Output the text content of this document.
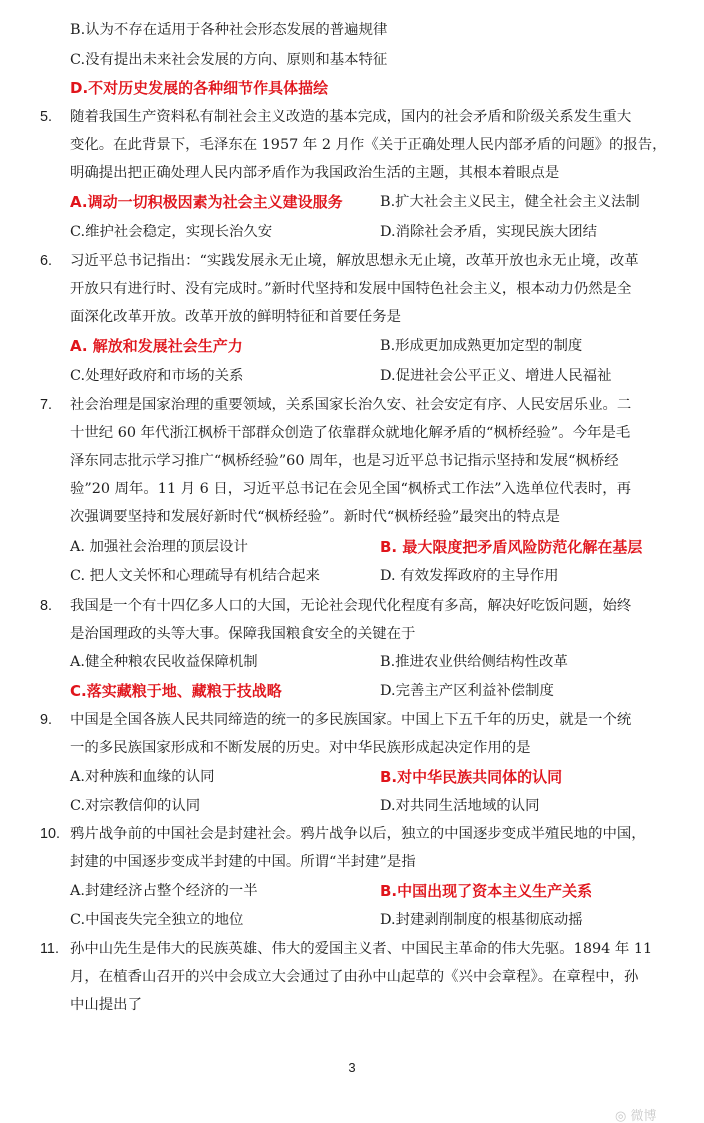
B.认为不存在适用于各种社会形态发展的普遍规律
C.没有提出未来社会发展的方向、原则和基本特征
D.不对历史发展的各种细节作具体描绘
5. 随着我国生产资料私有制社会主义改造的基本完成，国内的社会矛盾和阶级关系发生重大
变化。在此背景下，毛泽东在 1957 年 2 月作《关于正确处理人民内部矛盾的问题》的报告，
明确提出把正确处理人民内部矛盾作为我国政治生活的主题，其根本着眼点是
A.调动一切积极因素为社会主义建设服务	B.扩大社会主义民主，健全社会主义法制
C.维护社会稳定，实现长治久安	D.消除社会矛盾，实现民族大团结
6. 习近平总书记指出：“实践发展永无止境，解放思想永无止境，改革开放也永无止境，改革
开放只有进行时、没有完成时。”新时代坚持和发展中国特色社会主义，根本动力仍然是全
面深化改革开放。改革开放的鲜明特征和首要任务是
A. 解放和发展社会生产力	B.形成更加成熟更加定型的制度
C.处理好政府和市场的关系	D.促进社会公平正义、增进人民福祉
7. 社会治理是国家治理的重要领域，关系国家长治久安、社会安定有序、人民安居乐业。二
十世纪 60 年代浙江枫桥干部群众创造了依靠群众就地化解矛盾的“枫桥经验”。今年是毛
泽东同志批示学习推广“枫桥经验”60 周年，也是习近平总书记指示坚持和发展“枫桥经
验”20 周年。11 月 6 日，习近平总书记在会见全国“枫桥式工作法”入选单位代表时，再
次强调要坚持和发展好新时代“枫桥经验”。新时代“枫桥经验”最突出的特点是
A. 加强社会治理的顶层设计	B. 最大限度把矛盾风险防范化解在基层
C. 把人文关怀和心理疏导有机结合起来	D. 有效发挥政府的主导作用
8. 我国是一个有十四亿多人口的大国，无论社会现代化程度有多高，解决好吃饭问题，始终
是治国理政的头等大事。保障我国粮食安全的关键在于
A.健全种粮农民收益保障机制	B.推进农业供给侧结构性改革
C.落实藏粮于地、藏粮于技战略	D.完善主产区利益补偿制度
9. 中国是全国各族人民共同缔造的统一的多民族国家。中国上下五千年的历史，就是一个统
一的多民族国家形成和不断发展的历史。对中华民族形成起决定作用的是
A.对种族和血缘的认同	B.对中华民族共同体的认同
C.对宗教信仰的认同	D.对共同生活地域的认同
10. 鸦片战争前的中国社会是封建社会。鸦片战争以后，独立的中国逐步变成半殖民地的中国，
封建的中国逐步变成半封建的中国。所谓“半封建”是指
A.封建经济占整个经济的一半	B.中国出现了资本主义生产关系
C.中国丧失完全独立的地位	D.封建剥削制度的根基彻底动摇
11. 孙中山先生是伟大的民族英雄、伟大的爱国主义者、中国民主革命的伟大先驱。1894 年 11
月，在植香山召开的兴中会成立大会通过了由孙中山起草的《兴中会章程》。在章程中，孙
中山提出了
3
◎ 微博
